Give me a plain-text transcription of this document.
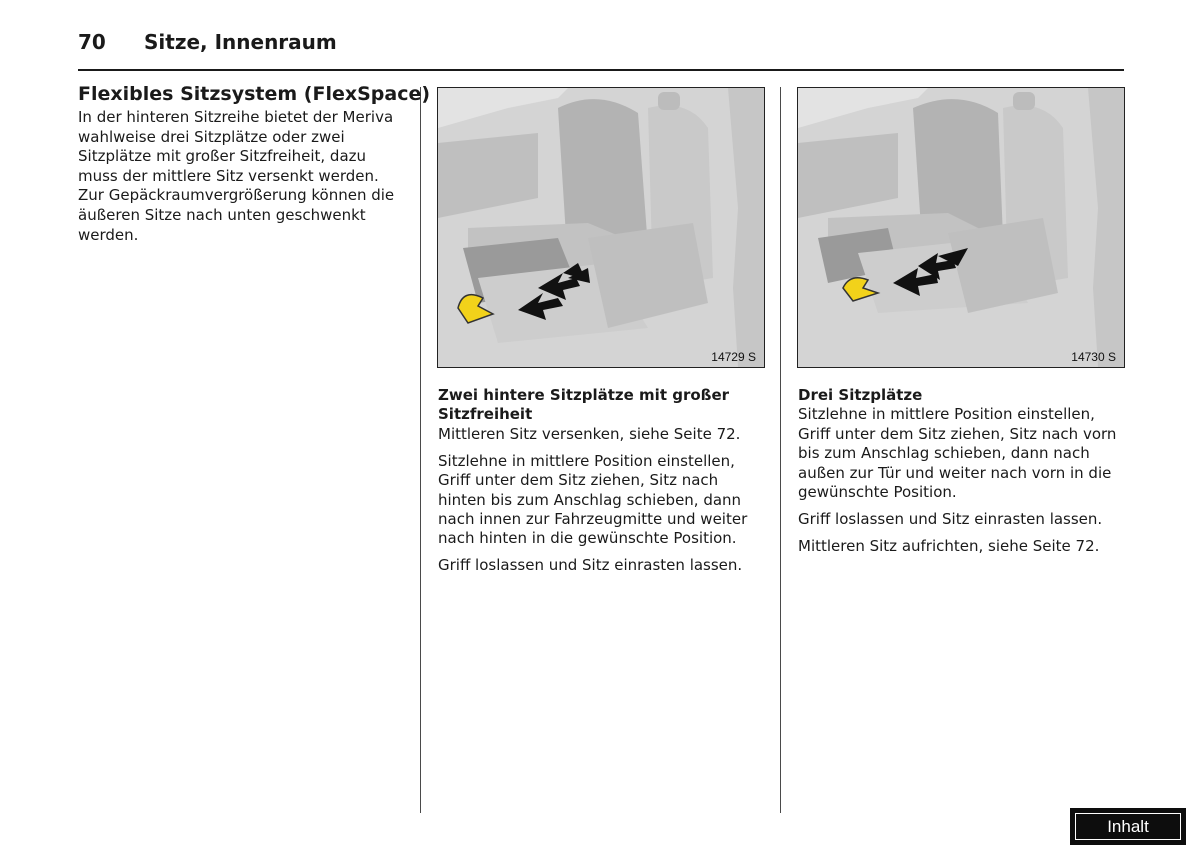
70 Sitze, Innenraum
Flexibles Sitzsystem (FlexSpace)

In der hinteren Sitzreihe bietet der Meriva wahlweise drei Sitzplätze oder zwei Sitzplätze mit großer Sitzfreiheit, dazu muss der mittlere Sitz versenkt werden. Zur Gepäckraumvergrößerung können die äußeren Sitze nach unten geschwenkt werden.

14729 S	14730 S

Zwei hintere Sitzplätze mit großer Sitzfreiheit

Mittleren Sitz versenken, siehe Seite 72.

Sitzlehne in mittlere Position einstellen, Griff unter dem Sitz ziehen, Sitz nach hinten bis zum Anschlag schieben, dann nach innen zur Fahrzeugmitte und weiter nach hinten in die gewünschte Position.

Griff loslassen und Sitz einrasten lassen.

Drei Sitzplätze

Sitzlehne in mittlere Position einstellen, Griff unter dem Sitz ziehen, Sitz nach vorn bis zum Anschlag schieben, dann nach außen zur Tür und weiter nach vorn in die gewünschte Position.

Griff loslassen und Sitz einrasten lassen.

Mittleren Sitz aufrichten, siehe Seite 72.

Inhalt
